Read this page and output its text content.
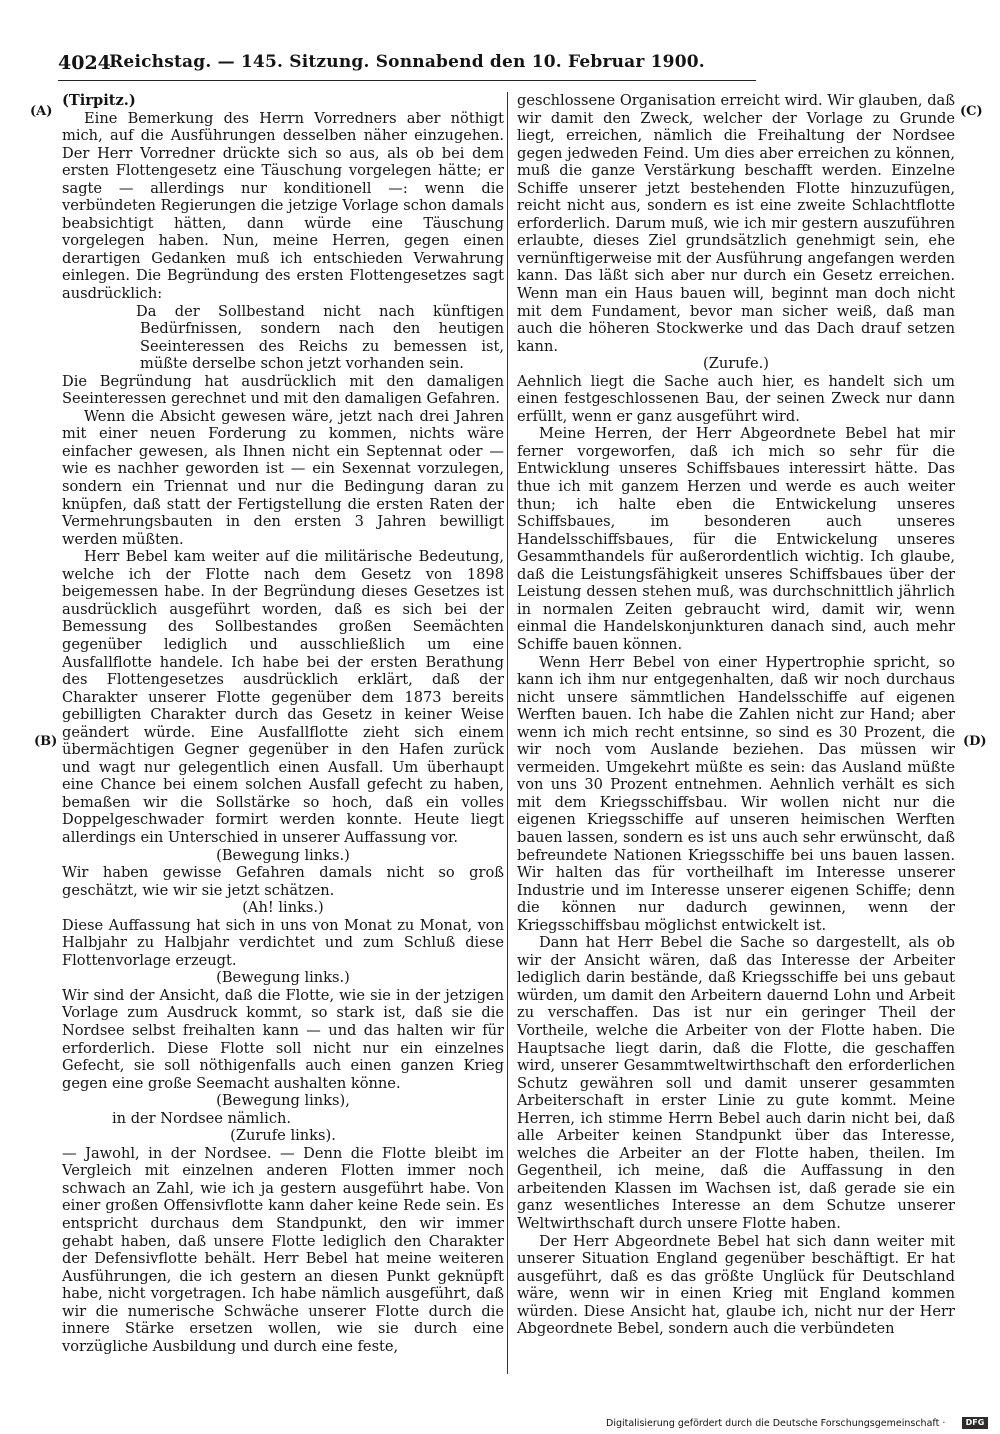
4024
Reichstag. — 145. Sitzung. Sonnabend den 10. Februar 1900.
(A)
(B)
(C)
(D)

(Tirpitz.)

Eine Bemerkung des Herrn Vorredners aber nöthigt mich, auf die Ausführungen desselben näher einzugehen. Der Herr Vorredner drückte sich so aus, als ob bei dem ersten Flottengesetz eine Täuschung vorgelegen hätte; er sagte — allerdings nur konditionell —: wenn die verbündeten Regierungen die jetzige Vorlage schon damals beabsichtigt hätten, dann würde eine Täuschung vorgelegen haben. Nun, meine Herren, gegen einen derartigen Gedanken muß ich entschieden Verwahrung einlegen. Die Begründung des ersten Flottengesetzes sagt ausdrücklich:

Da der Sollbestand nicht nach künftigen Bedürfnissen, sondern nach den heutigen Seeinteressen des Reichs zu bemessen ist, müßte derselbe schon jetzt vorhanden sein.

Die Begründung hat ausdrücklich mit den damaligen Seeinteressen gerechnet und mit den damaligen Gefahren.

Wenn die Absicht gewesen wäre, jetzt nach drei Jahren mit einer neuen Forderung zu kommen, nichts wäre einfacher gewesen, als Ihnen nicht ein Septennat oder — wie es nachher geworden ist — ein Sexennat vorzulegen, sondern ein Triennat und nur die Bedingung daran zu knüpfen, daß statt der Fertigstellung die ersten Raten der Vermehrungsbauten in den ersten 3 Jahren bewilligt werden müßten.

Herr Bebel kam weiter auf die militärische Bedeutung, welche ich der Flotte nach dem Gesetz von 1898 beigemessen habe. In der Begründung dieses Gesetzes ist ausdrücklich ausgeführt worden, daß es sich bei der Bemessung des Sollbestandes großen Seemächten gegenüber lediglich und ausschließlich um eine Ausfallflotte handele. Ich habe bei der ersten Berathung des Flottengesetzes ausdrücklich erklärt, daß der Charakter unserer Flotte gegenüber dem 1873 bereits gebilligten Charakter durch das Gesetz in keiner Weise geändert würde. Eine Ausfallflotte zieht sich einem übermächtigen Gegner gegenüber in den Hafen zurück und wagt nur gelegentlich einen Ausfall. Um überhaupt eine Chance bei einem solchen Ausfall gefecht zu haben, bemaßen wir die Sollstärke so hoch, daß ein volles Doppelgeschwader formirt werden konnte. Heute liegt allerdings ein Unterschied in unserer Auffassung vor.

(Bewegung links.)

Wir haben gewisse Gefahren damals nicht so groß geschätzt, wie wir sie jetzt schätzen.

(Ah! links.)

Diese Auffassung hat sich in uns von Monat zu Monat, von Halbjahr zu Halbjahr verdichtet und zum Schluß diese Flottenvorlage erzeugt.

(Bewegung links.)

Wir sind der Ansicht, daß die Flotte, wie sie in der jetzigen Vorlage zum Ausdruck kommt, so stark ist, daß sie die Nordsee selbst freihalten kann — und das halten wir für erforderlich. Diese Flotte soll nicht nur ein einzelnes Gefecht, sie soll nöthigenfalls auch einen ganzen Krieg gegen eine große Seemacht aushalten könne.

(Bewegung links),

in der Nordsee nämlich.

(Zurufe links).

— Jawohl, in der Nordsee. — Denn die Flotte bleibt im Vergleich mit einzelnen anderen Flotten immer noch schwach an Zahl, wie ich ja gestern ausgeführt habe. Von einer großen Offensivflotte kann daher keine Rede sein. Es entspricht durchaus dem Standpunkt, den wir immer gehabt haben, daß unsere Flotte lediglich den Charakter der Defensivflotte behält. Herr Bebel hat meine weiteren Ausführungen, die ich gestern an diesen Punkt geknüpft habe, nicht vorgetragen. Ich habe nämlich ausgeführt, daß wir die numerische Schwäche unserer Flotte durch die innere Stärke ersetzen wollen, wie sie durch eine vorzügliche Ausbildung und durch eine feste,

geschlossene Organisation erreicht wird. Wir glauben, daß wir damit den Zweck, welcher der Vorlage zu Grunde liegt, erreichen, nämlich die Freihaltung der Nordsee gegen jedweden Feind. Um dies aber erreichen zu können, muß die ganze Verstärkung beschafft werden. Einzelne Schiffe unserer jetzt bestehenden Flotte hinzuzufügen, reicht nicht aus, sondern es ist eine zweite Schlachtflotte erforderlich. Darum muß, wie ich mir gestern auszuführen erlaubte, dieses Ziel grundsätzlich genehmigt sein, ehe vernünftigerweise mit der Ausführung angefangen werden kann. Das läßt sich aber nur durch ein Gesetz erreichen. Wenn man ein Haus bauen will, beginnt man doch nicht mit dem Fundament, bevor man sicher weiß, daß man auch die höheren Stockwerke und das Dach drauf setzen kann.

(Zurufe.)

Aehnlich liegt die Sache auch hier, es handelt sich um einen festgeschlossenen Bau, der seinen Zweck nur dann erfüllt, wenn er ganz ausgeführt wird.

Meine Herren, der Herr Abgeordnete Bebel hat mir ferner vorgeworfen, daß ich mich so sehr für die Entwicklung unseres Schiffsbaues interessirt hätte. Das thue ich mit ganzem Herzen und werde es auch weiter thun; ich halte eben die Entwickelung unseres Schiffsbaues, im besonderen auch unseres Handelsschiffsbaues, für die Entwickelung unseres Gesammthandels für außerordentlich wichtig. Ich glaube, daß die Leistungsfähigkeit unseres Schiffsbaues über der Leistung dessen stehen muß, was durchschnittlich jährlich in normalen Zeiten gebraucht wird, damit wir, wenn einmal die Handelskonjunkturen danach sind, auch mehr Schiffe bauen können.

Wenn Herr Bebel von einer Hypertrophie spricht, so kann ich ihm nur entgegenhalten, daß wir noch durchaus nicht unsere sämmtlichen Handelsschiffe auf eigenen Werften bauen. Ich habe die Zahlen nicht zur Hand; aber wenn ich mich recht entsinne, so sind es 30 Prozent, die wir noch vom Auslande beziehen. Das müssen wir vermeiden. Umgekehrt müßte es sein: das Ausland müßte von uns 30 Prozent entnehmen. Aehnlich verhält es sich mit dem Kriegsschiffsbau. Wir wollen nicht nur die eigenen Kriegsschiffe auf unseren heimischen Werften bauen lassen, sondern es ist uns auch sehr erwünscht, daß befreundete Nationen Kriegsschiffe bei uns bauen lassen. Wir halten das für vortheilhaft im Interesse unserer Industrie und im Interesse unserer eigenen Schiffe; denn die können nur dadurch gewinnen, wenn der Kriegsschiffsbau möglichst entwickelt ist.

Dann hat Herr Bebel die Sache so dargestellt, als ob wir der Ansicht wären, daß das Interesse der Arbeiter lediglich darin bestände, daß Kriegsschiffe bei uns gebaut würden, um damit den Arbeitern dauernd Lohn und Arbeit zu verschaffen. Das ist nur ein geringer Theil der Vortheile, welche die Arbeiter von der Flotte haben. Die Hauptsache liegt darin, daß die Flotte, die geschaffen wird, unserer Gesammtweltwirthschaft den erforderlichen Schutz gewähren soll und damit unserer gesammten Arbeiterschaft in erster Linie zu gute kommt. Meine Herren, ich stimme Herrn Bebel auch darin nicht bei, daß alle Arbeiter keinen Standpunkt über das Interesse, welches die Arbeiter an der Flotte haben, theilen. Im Gegentheil, ich meine, daß die Auffassung in den arbeitenden Klassen im Wachsen ist, daß gerade sie ein ganz wesentliches Interesse an dem Schutze unserer Weltwirthschaft durch unsere Flotte haben.

Der Herr Abgeordnete Bebel hat sich dann weiter mit unserer Situation England gegenüber beschäftigt. Er hat ausgeführt, daß es das größte Unglück für Deutschland wäre, wenn wir in einen Krieg mit England kommen würden. Diese Ansicht hat, glaube ich, nicht nur der Herr Abgeordnete Bebel, sondern auch die verbündeten

Digitalisierung gefördert durch die Deutsche Forschungsgemeinschaft ·	DFG
